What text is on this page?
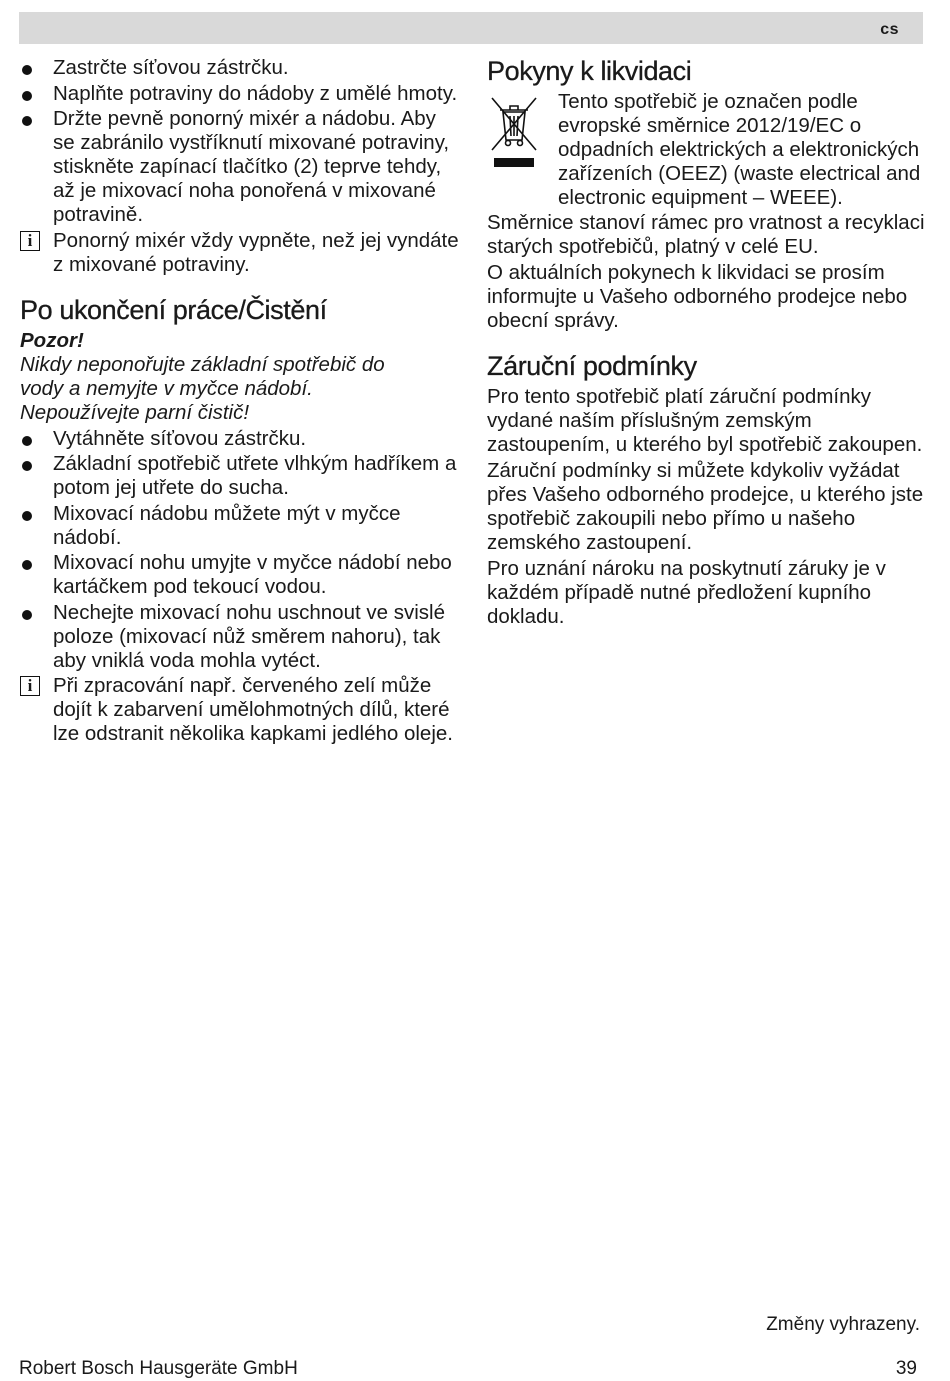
cs
Zastrčte síťovou zástrčku.
Naplňte potraviny do nádoby z umělé hmoty.
Držte pevně ponorný mixér a nádobu. Aby se zabránilo vystříknutí mixované potraviny, stiskněte zapínací tlačítko (2) teprve tehdy, až je mixovací noha ponořená v mixované potravině.
i	Ponorný mixér vždy vypněte, než jej vyndáte z mixované potraviny.
Po ukončení práce/Čistění
Pozor!
Nikdy neponořujte základní spotřebič do vody a nemyjte v myčce nádobí. Nepoužívejte parní čistič!
Vytáhněte síťovou zástrčku.
Základní spotřebič utřete vlhkým hadříkem a potom jej utřete do sucha.
Mixovací nádobu můžete mýt v myčce nádobí.
Mixovací nohu umyjte v myčce nádobí nebo kartáčkem pod tekoucí vodou.
Nechejte mixovací nohu uschnout ve svislé poloze (mixovací nůž směrem nahoru), tak aby vniklá voda mohla vytéct.
i	Při zpracování např. červeného zelí může dojít k zabarvení umělohmotných dílů, které lze odstranit několika kapkami jedlého oleje.
Pokyny k likvidaci
Tento spotřebič je označen podle evropské směrnice 2012/19/EC o odpadních elektrických a elektronických zařízeních (OEEZ) (waste electrical and electronic equipment – WEEE).

Směrnice stanoví rámec pro vratnost a recyklaci starých spotřebičů, platný v celé EU.

O aktuálních pokynech k likvidaci se prosím informujte u Vašeho odborného prodejce nebo obecní správy.

Záruční podmínky

Pro tento spotřebič platí záruční podmínky vydané naším příslušným zemským zastoupením, u kterého byl spotřebič zakoupen.

Záruční podmínky si můžete kdykoliv vyžádat přes Vašeho odborného prodejce, u kterého jste spotřebič zakoupili nebo přímo u našeho zemského zastoupení.

Pro uznání nároku na poskytnutí záruky je v každém případě nutné předložení kupního dokladu.

Změny vyhrazeny.
Robert Bosch Hausgeräte GmbH	39
